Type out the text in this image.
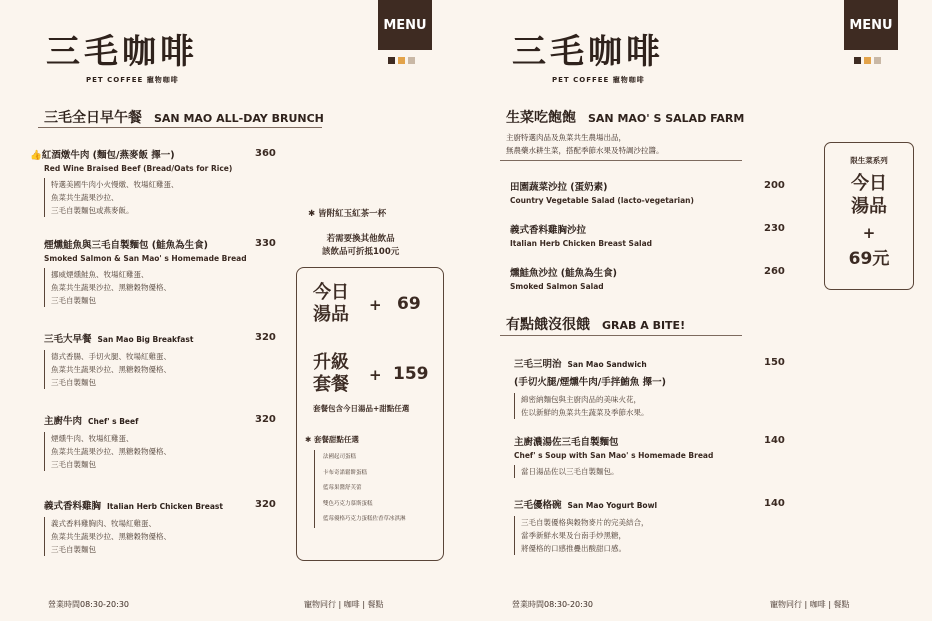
三毛咖啡
PET COFFEE 寵物咖啡
MENU
三毛全日早午餐 SAN MAO ALL-DAY BRUNCH
👍紅酒燉牛肉 (麵包/燕麥飯 擇一)
Red Wine Braised Beef (Bread/Oats for Rice)
特選美國牛肉小火慢燉、牧場紅雞蛋、
魚菜共生蔬果沙拉、
三毛自製麵包或燕麥飯。
360
煙燻鮭魚與三毛自製麵包 (鮭魚為生食)
Smoked Salmon & San Mao' s Homemade Bread
挪威煙燻鮭魚、牧場紅雞蛋、
魚菜共生蔬果沙拉、黑糖穀物優格、
三毛自製麵包
330
三毛大早餐 San Mao Big Breakfast
德式香腸、手切火腿、牧場紅雞蛋、
魚菜共生蔬果沙拉、黑糖穀物優格、
三毛自製麵包
320
主廚牛肉 Chef' s Beef
煙燻牛肉、牧場紅雞蛋、
魚菜共生蔬果沙拉、黑糖穀物優格、
三毛自製麵包
320
義式香料雞胸 Italian Herb Chicken Breast
義式香料雞胸肉、牧場紅雞蛋、
魚菜共生蔬果沙拉、黑糖穀物優格、
三毛自製麵包
320
✱ 皆附紅玉紅茶一杯
若需要換其他飲品
該飲品可折抵100元
今日
湯品 + 69
升級
套餐 + 159
套餐包含今日湯品+甜點任選
✱ 套餐甜點任選
法國起司蛋糕
卡布奇諾鬆餅蛋糕
藍莓果醬舒芙蕾
雙色巧克力慕斯蛋糕
藍莓優格巧克力蛋糕佐香草冰淇淋
營業時間08:30-20:30	寵物同行 | 咖啡 | 餐點
三毛咖啡
PET COFFEE 寵物咖啡
MENU
生菜吃飽飽 SAN MAO' S SALAD FARM
主廚特選肉品及魚菜共生農場出品，
無農藥水耕生菜，搭配季節水果及特調沙拉醬。
田園蔬菜沙拉 (蛋奶素)
Country Vegetable Salad (lacto-vegetarian)
200
義式香料雞胸沙拉
Italian Herb Chicken Breast Salad
230
燻鮭魚沙拉 (鮭魚為生食)
Smoked Salmon Salad
260
限生菜系列
今日
湯品
+
69元
有點餓沒很餓 GRAB A BITE!
三毛三明治 San Mao Sandwich
(手切火腿/煙燻牛肉/手拌鮪魚 擇一)
綿密納麵包與主廚肉品的美味火花，
佐以新鮮的魚菜共生蔬菜及季節水果。
150
主廚濃湯佐三毛自製麵包
Chef' s Soup with San Mao' s Homemade Bread
當日湯品佐以三毛自製麵包。
140
三毛優格碗 San Mao Yogurt Bowl
三毛自製優格與穀物麥片的完美結合，
當季新鮮水果及台南手炒黑糖，
將優格的口感推疊出酸甜口感。
140
營業時間08:30-20:30	寵物同行 | 咖啡 | 餐點
